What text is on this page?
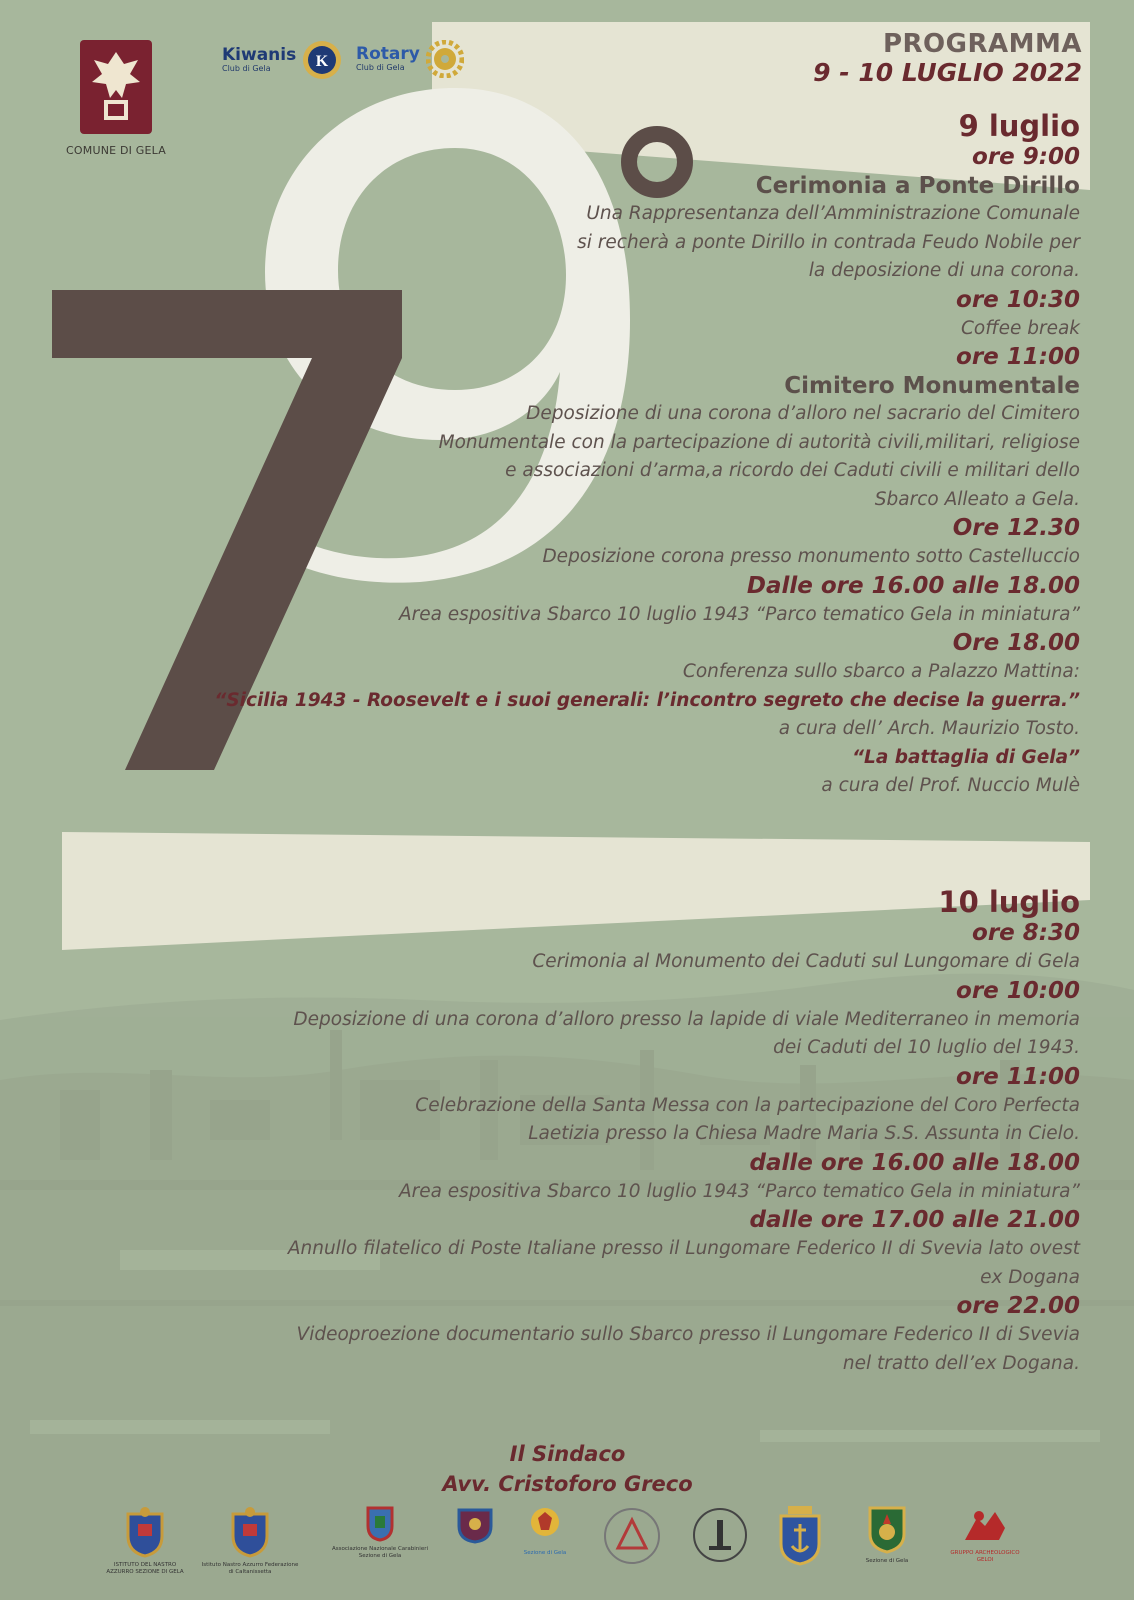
COMUNE DI GELA
Kiwanis
Club di Gela	K Rotary
Club di Gela
PROGRAMMA
9 - 10 LUGLIO 2022
9 luglio
ore 9:00
Cerimonia a Ponte Dirillo
Una Rappresentanza dell’Amministrazione Comunale
si recherà a ponte Dirillo in contrada Feudo Nobile per
la deposizione di una corona.
ore 10:30
Coffee break
ore 11:00
Cimitero Monumentale
Deposizione di una corona d’alloro nel sacrario del Cimitero
Monumentale con la partecipazione di autorità civili,militari, religiose
e associazioni d’arma,a ricordo dei Caduti civili e militari dello
Sbarco Alleato a Gela.
Ore 12.30
Deposizione corona presso monumento sotto Castelluccio
Dalle ore 16.00 alle 18.00
Area espositiva Sbarco 10 luglio 1943 “Parco tematico Gela in miniatura”
Ore 18.00
Conferenza sullo sbarco a Palazzo Mattina:
“Sicilia 1943 - Roosevelt e i suoi generali: l’incontro segreto che decise la guerra.”
a cura dell’ Arch. Maurizio Tosto.
“La battaglia di Gela”
a cura del Prof. Nuccio Mulè
10 luglio
ore 8:30
Cerimonia al Monumento dei Caduti sul Lungomare di Gela
ore 10:00
Deposizione di una corona d’alloro presso la lapide di viale Mediterraneo in memoria
dei Caduti del 10 luglio del 1943.
ore 11:00
Celebrazione della Santa Messa con la partecipazione del Coro Perfecta
Laetizia presso la Chiesa Madre Maria S.S. Assunta in Cielo.
dalle ore 16.00 alle 18.00
Area espositiva Sbarco 10 luglio 1943 “Parco tematico Gela in miniatura”
dalle ore 17.00 alle 21.00
Annullo filatelico di Poste Italiane presso il Lungomare Federico II di Svevia lato ovest
ex Dogana
ore 22.00
Videoproezione documentario sullo Sbarco presso il Lungomare Federico II di Svevia
nel tratto dell’ex Dogana.
Il Sindaco
Avv. Cristoforo Greco
ISTITUTO DEL NASTRO AZZURRO SEZIONE DI GELA
Istituto Nastro Azzurro Federazione di Caltanissetta
Associazione Nazionale Carabinieri Sezione di Gela	Sezione di Gela
Sezione di Gela
GRUPPO ARCHEOLOGICO GELOI
